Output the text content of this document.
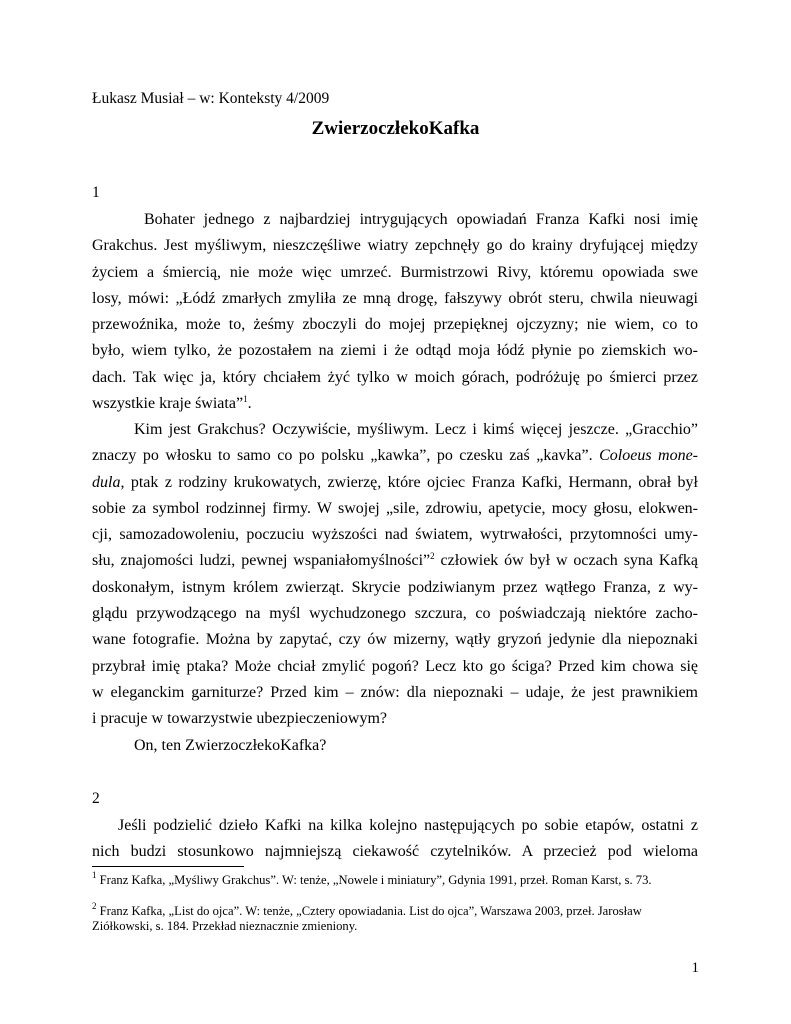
Łukasz Musiał – w: Konteksty 4/2009
ZwierzoczłekoKafka
1
Bohater jednego z najbardziej intrygujących opowiadań Franza Kafki nosi imię
Grakchus. Jest myśliwym, nieszczęśliwe wiatry zepchnęły go do krainy dryfującej między
życiem a śmiercią, nie może więc umrzeć. Burmistrzowi Rivy, któremu opowiada swe
losy, mówi: „Łódź zmarłych zmyliła ze mną drogę, fałszywy obrót steru, chwila nieuwagi
przewoźnika, może to, żeśmy zboczyli do mojej przepięknej ojczyzny; nie wiem, co to
było, wiem tylko, że pozostałem na ziemi i że odtąd moja łódź płynie po ziemskich wo-
dach. Tak więc ja, który chciałem żyć tylko w moich górach, podróżuję po śmierci przez
wszystkie kraje świata”$^1$.
Kim jest Grakchus? Oczywiście, myśliwym. Lecz i kimś więcej jeszcze. „Gracchio”
znaczy po włosku to samo co po polsku „kawka”, po czesku zaś „kavka”. Coloeus mone-
dula, ptak z rodziny krukowatych, zwierzę, które ojciec Franza Kafki, Hermann, obrał był
sobie za symbol rodzinnej firmy. W swojej „sile, zdrowiu, apetycie, mocy głosu, elokwen-
cji, samozadowoleniu, poczuciu wyższości nad światem, wytrwałości, przytomności umy-
słu, znajomości ludzi, pewnej wspaniałomyślności”$^2$ człowiek ów był w oczach syna Kafką
doskonałym, istnym królem zwierząt. Skrycie podziwianym przez wątłego Franza, z wy-
glądu przywodzącego na myśl wychudzonego szczura, co poświadczają niektóre zacho-
wane fotografie. Można by zapytać, czy ów mizerny, wątły gryzoń jedynie dla niepoznaki
przybrał imię ptaka? Może chciał zmylić pogoń? Lecz kto go ściga? Przed kim chowa się
w eleganckim garniturze? Przed kim – znów: dla niepoznaki – udaje, że jest prawnikiem
i pracuje w towarzystwie ubezpieczeniowym?
On, ten ZwierzoczłekoKafka?
2
Jeśli podzielić dzieło Kafki na kilka kolejno następujących po sobie etapów, ostatni z
nich budzi stosunkowo najmniejszą ciekawość czytelników. A przecież pod wieloma
$^1$ Franz Kafka, „Myśliwy Grakchus”. W: tenże, „Nowele i miniatury”, Gdynia 1991, przeł. Roman Karst, s. 73.
$^2$ Franz Kafka, „List do ojca”. W: tenże, „Cztery opowiadania. List do ojca”, Warszawa 2003, przeł. Jarosław Ziółkowski, s. 184. Przekład nieznacznie zmieniony.
1
